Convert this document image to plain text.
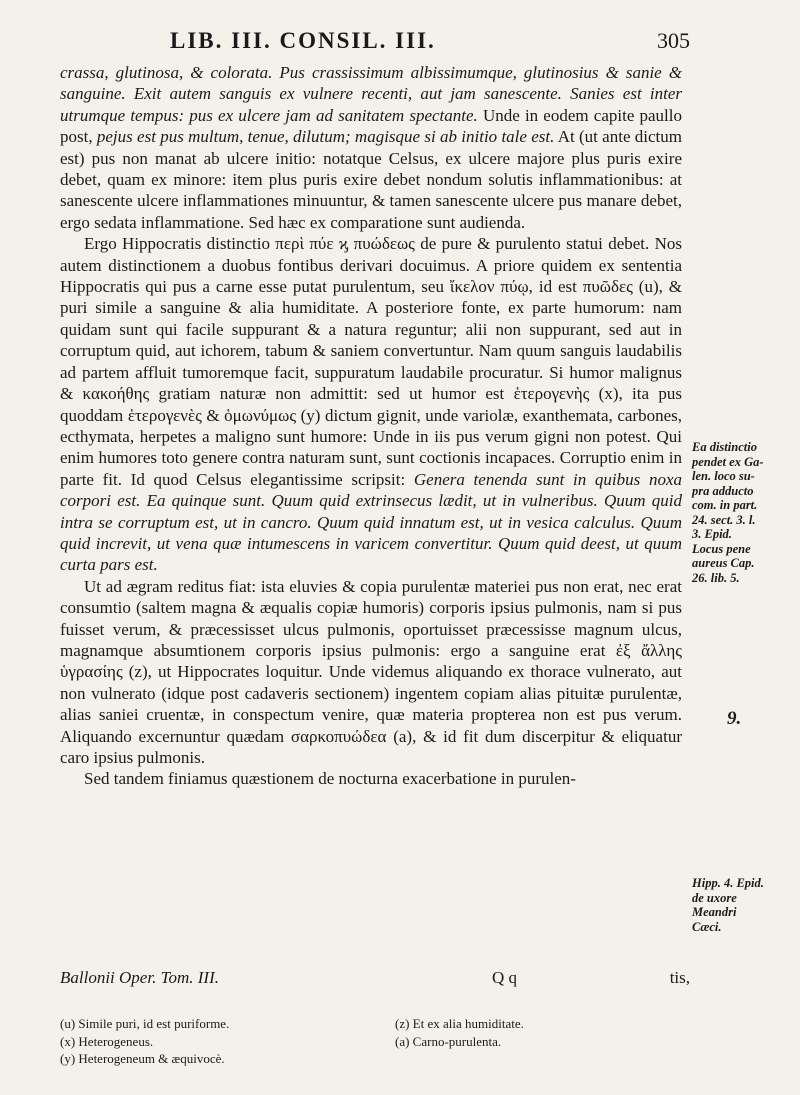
LIB. III. CONSIL. III.	305

crassa, glutinosa, & colorata. Pus crassissimum albissimumque, glutinosius & sanie & sanguine. Exit autem sanguis ex vulnere recenti, aut jam sanescente. Sanies est inter utrumque tempus: pus ex ulcere jam ad sanitatem spectante. Unde in eodem capite paullo post, pejus est pus multum, tenue, dilutum; magisque si ab initio tale est. At (ut ante dictum est) pus non manat ab ulcere initio: notatque Celsus, ex ulcere majore plus puris exire debet, quam ex minore: item plus puris exire debet nondum solutis inflammationibus: at sanescente ulcere inflammationes minuuntur, & tamen sanescente ulcere pus manare debet, ergo sedata inflammatione. Sed hæc ex comparatione sunt audienda.

Ergo Hippocratis distinctio περὶ πύε ϗ πυώδεως de pure & purulento statui debet. Nos autem distinctionem a duobus fontibus derivari docuimus. A priore quidem ex sententia Hippocratis qui pus a carne esse putat purulentum, seu ἴκελον πύῳ, id est πυῶδες (u), & puri simile a sanguine & alia humiditate. A posteriore fonte, ex parte humorum: nam quidam sunt qui facile suppurant & a natura reguntur; alii non suppurant, sed aut in corruptum quid, aut ichorem, tabum & saniem convertuntur. Nam quum sanguis laudabilis ad partem affluit tumoremque facit, suppuratum laudabile procuratur. Si humor malignus & κακοήθης gratiam naturæ non admittit: sed ut humor est ἑτερογενὴς (x), ita pus quoddam ἑτερογενὲς & ὁμωνύμως (y) dictum gignit, unde variolæ, exanthemata, carbones, ecthymata, herpetes a maligno sunt humore: Unde in iis pus verum gigni non potest. Qui enim humores toto genere contra naturam sunt, sunt coctionis incapaces. Corruptio enim in parte fit. Id quod Celsus elegantissime scripsit: Genera tenenda sunt in quibus noxa corpori est. Ea quinque sunt. Quum quid extrinsecus lædit, ut in vulneribus. Quum quid intra se corruptum est, ut in cancro. Quum quid innatum est, ut in vesica calculus. Quum quid increvit, ut vena quæ intumescens in varicem convertitur. Quum quid deest, ut quum curta pars est.

Ut ad ægram reditus fiat: ista eluvies & copia purulentæ materiei pus non erat, nec erat consumtio (saltem magna & æqualis copiæ humoris) corporis ipsius pulmonis, nam si pus fuisset verum, & præcessisset ulcus pulmonis, oportuisset præcessisse magnum ulcus, magnamque absumtionem corporis ipsius pulmonis: ergo a sanguine erat ἐξ ἄλλης ὑγρασίης (z), ut Hippocrates loquitur. Unde videmus aliquando ex thorace vulnerato, aut non vulnerato (idque post cadaveris sectionem) ingentem copiam alias pituitæ purulentæ, alias saniei cruentæ, in conspectum venire, quæ materia propterea non est pus verum. Aliquando excernuntur quædam σαρκοπυώδεα (a), & id fit dum discerpitur & eliquatur caro ipsius pulmonis.

Sed tandem finiamus quæstionem de nocturna exacerbatione in purulen-

Ea distinctio
pendet ex Ga-
len. loco su-
pra adducto
com. in part.
24. sect. 3. l.
3. Epid.
Locus pene
aureus Cap.
26. lib. 5.
9.
Hipp. 4. Epid.
de uxore
Meandri
Cæci.
Ballonii Oper. Tom. III.	Q q	tis,
(u) Simile puri, id est puriforme.
(x) Heterogeneus.
(y) Heterogeneum & æquivocè.
(z) Et ex alia humiditate.
(a) Carno-purulenta.
